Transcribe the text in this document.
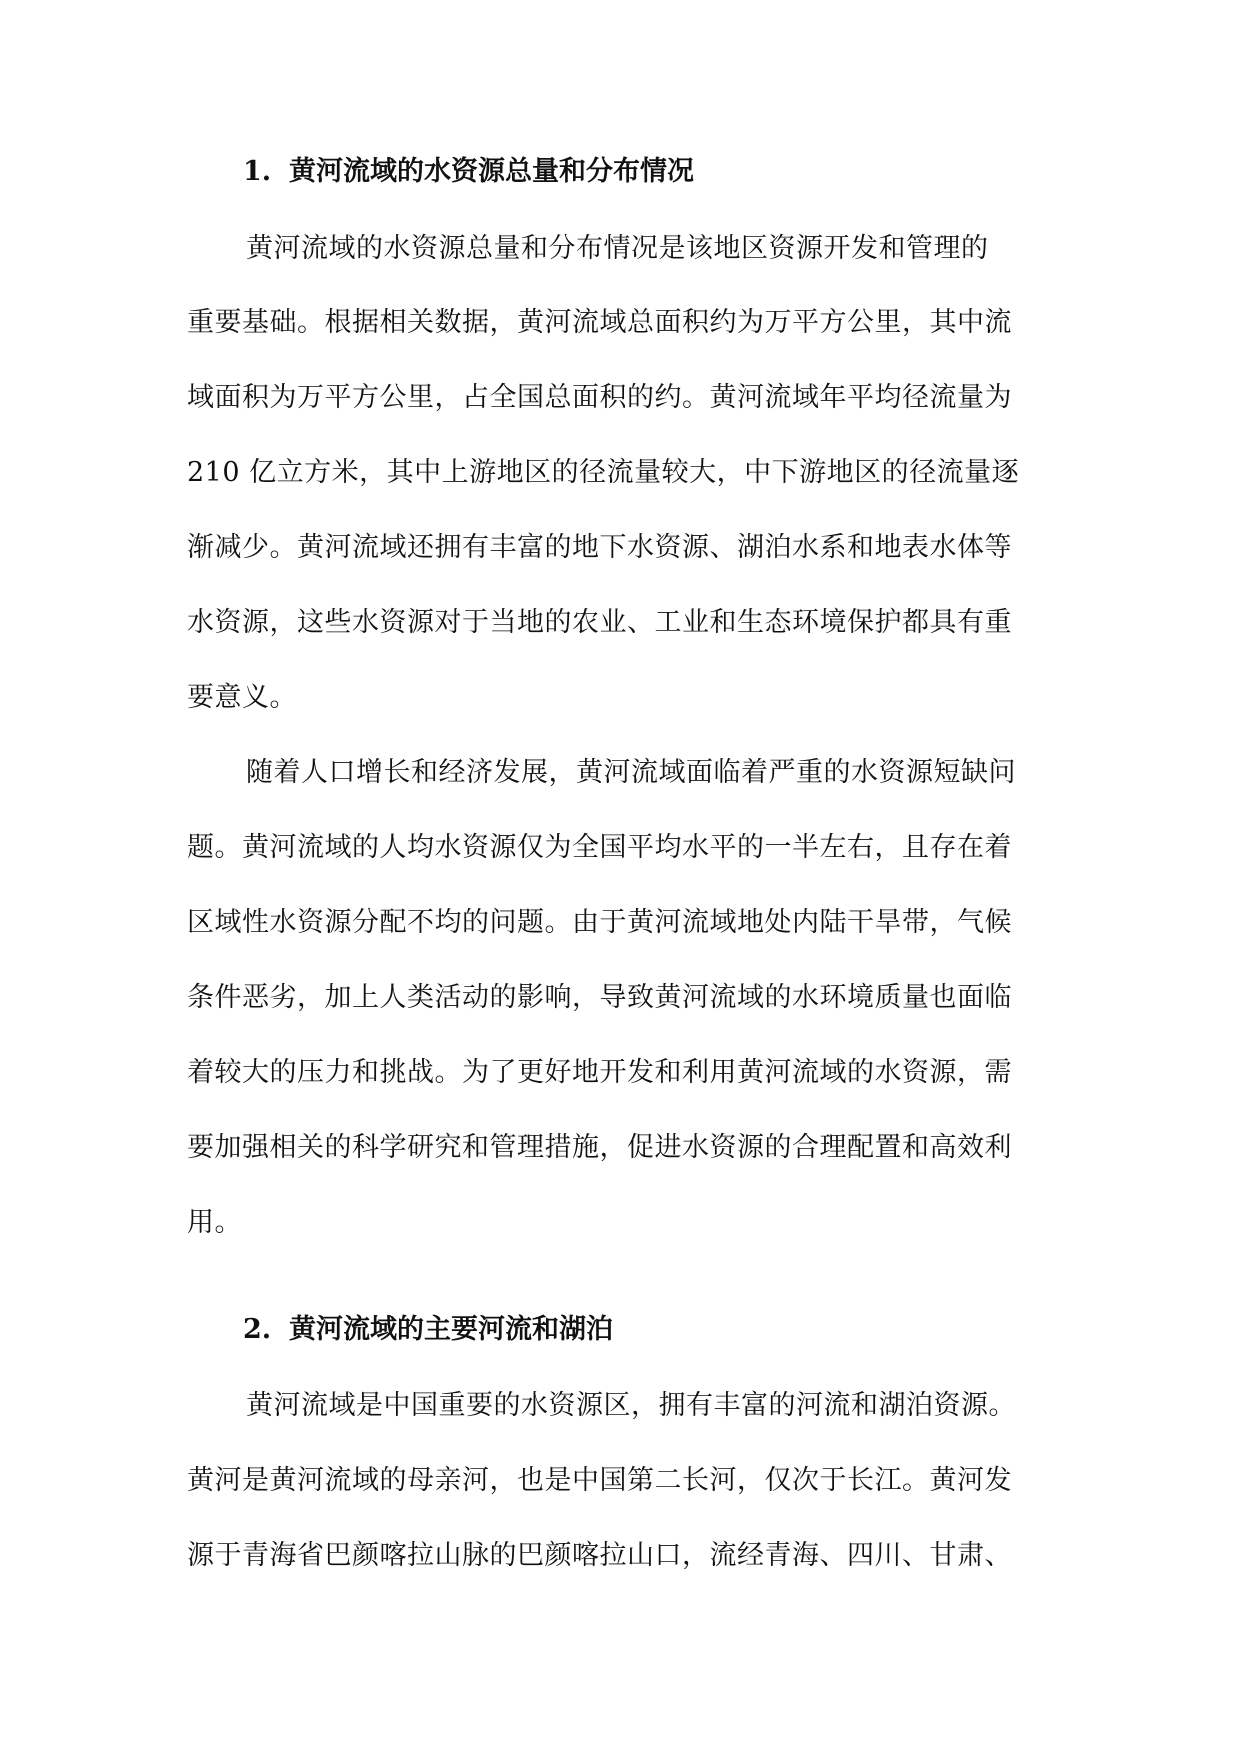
1. 黄河流域的水资源总量和分布情况
黄河流域的水资源总量和分布情况是该地区资源开发和管理的
重要基础。根据相关数据，黄河流域总面积约为万平方公里，其中流
域面积为万平方公里，占全国总面积的约。黄河流域年平均径流量为
210 亿立方米，其中上游地区的径流量较大，中下游地区的径流量逐
渐减少。黄河流域还拥有丰富的地下水资源、湖泊水系和地表水体等
水资源，这些水资源对于当地的农业、工业和生态环境保护都具有重
要意义。
随着人口增长和经济发展，黄河流域面临着严重的水资源短缺问
题。黄河流域的人均水资源仅为全国平均水平的一半左右，且存在着
区域性水资源分配不均的问题。由于黄河流域地处内陆干旱带，气候
条件恶劣，加上人类活动的影响，导致黄河流域的水环境质量也面临
着较大的压力和挑战。为了更好地开发和利用黄河流域的水资源，需
要加强相关的科学研究和管理措施，促进水资源的合理配置和高效利
用。
2. 黄河流域的主要河流和湖泊
黄河流域是中国重要的水资源区，拥有丰富的河流和湖泊资源。
黄河是黄河流域的母亲河，也是中国第二长河，仅次于长江。黄河发
源于青海省巴颜喀拉山脉的巴颜喀拉山口，流经青海、四川、甘肃、
